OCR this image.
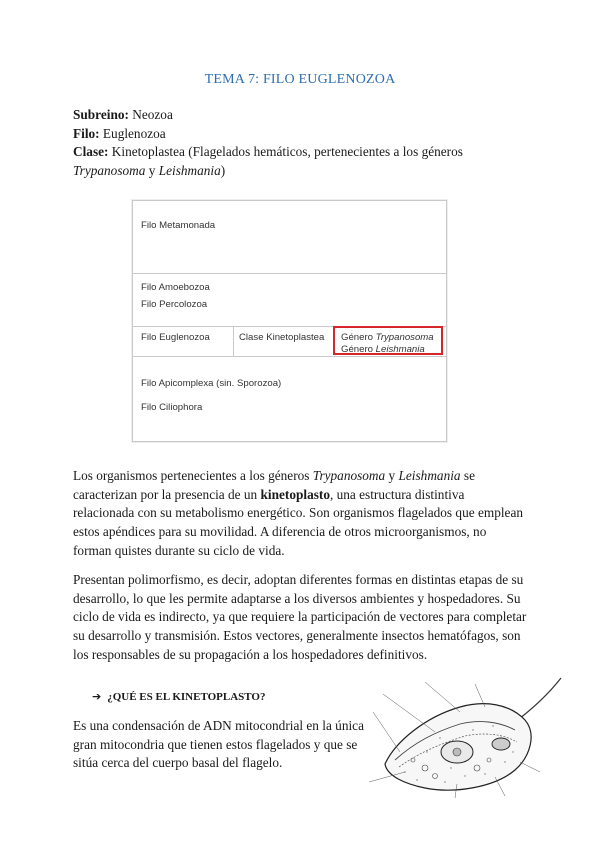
TEMA 7: FILO EUGLENOZOA
Subreino: Neozoa
Filo: Euglenozoa
Clase: Kinetoplastea (Flagelados hemáticos, pertenecientes a los géneros
Trypanosoma y Leishmania)
Filo Metamonada
Filo Amoebozoa
Filo Percolozoa
Filo Euglenozoa	Clase Kinetoplastea Género Trypanosoma
Género Leishmania
Filo Apicomplexa (sin. Sporozoa)
Filo Ciliophora
Los organismos pertenecientes a los géneros Trypanosoma y Leishmania se caracterizan por la presencia de un kinetoplasto, una estructura distintiva relacionada con su metabolismo energético. Son organismos flagelados que emplean estos apéndices para su movilidad. A diferencia de otros microorganismos, no forman quistes durante su ciclo de vida.
Presentan polimorfismo, es decir, adoptan diferentes formas en distintas etapas de su desarrollo, lo que les permite adaptarse a los diversos ambientes y hospedadores. Su ciclo de vida es indirecto, ya que requiere la participación de vectores para completar su desarrollo y transmisión. Estos vectores, generalmente insectos hematófagos, son los responsables de su propagación a los hospedadores definitivos.
➔ ¿QUÉ ES EL KINETOPLASTO?
Es una condensación de ADN mitocondrial en la única gran mitocondria que tienen estos flagelados y que se sitúa cerca del cuerpo basal del flagelo.
